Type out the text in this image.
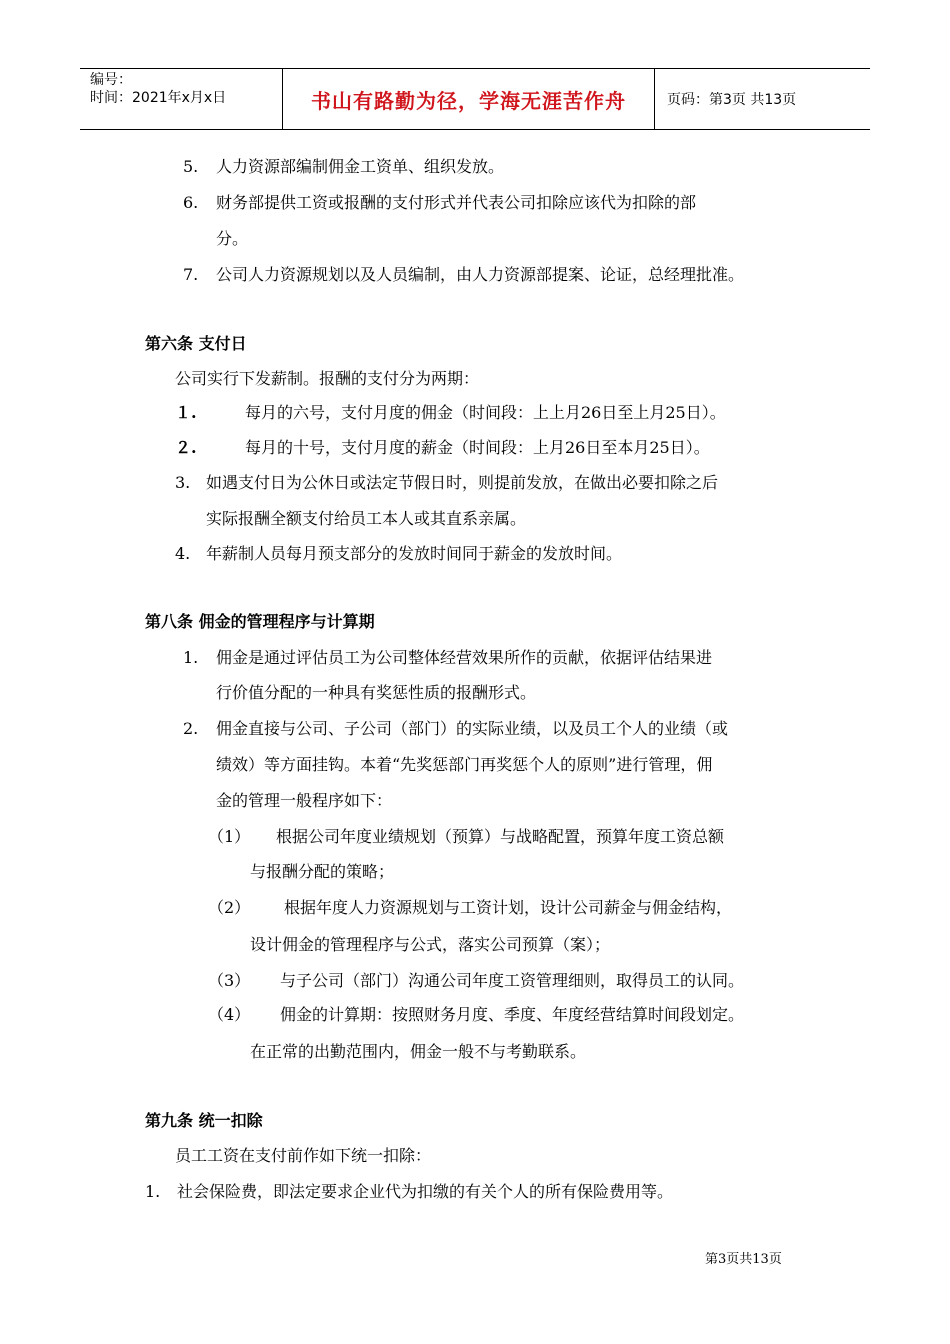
编号：
时间：2021年x月x日	书山有路勤为径，学海无涯苦作舟	页码：第3页 共13页
5. 人力资源部编制佣金工资单、组织发放。
6. 财务部提供工资或报酬的支付形式并代表公司扣除应该代为扣除的部
分。
7. 公司人力资源规划以及人员编制，由人力资源部提案、论证，总经理批准。
第六条 支付日
公司实行下发薪制。报酬的支付分为两期：
１.	每月的六号，支付月度的佣金（时间段：上上月26日至上月25日）。
２.	每月的十号，支付月度的薪金（时间段：上月26日至本月25日）。
3. 如遇支付日为公休日或法定节假日时，则提前发放，在做出必要扣除之后
实际报酬全额支付给员工本人或其直系亲属。
4. 年薪制人员每月预支部分的发放时间同于薪金的发放时间。
第八条 佣金的管理程序与计算期
1. 佣金是通过评估员工为公司整体经营效果所作的贡献，依据评估结果进
行价值分配的一种具有奖惩性质的报酬形式。
2. 佣金直接与公司、子公司（部门）的实际业绩，以及员工个人的业绩（或
绩效）等方面挂钩。本着“先奖惩部门再奖惩个人的原则”进行管理，佣
金的管理一般程序如下：
（1） 根据公司年度业绩规划（预算）与战略配置，预算年度工资总额
与报酬分配的策略；
（2） 根据年度人力资源规划与工资计划，设计公司薪金与佣金结构，
设计佣金的管理程序与公式，落实公司预算（案）；
（3） 与子公司（部门）沟通公司年度工资管理细则，取得员工的认同。
（4） 佣金的计算期：按照财务月度、季度、年度经营结算时间段划定。
在正常的出勤范围内，佣金一般不与考勤联系。
第九条 统一扣除
员工工资在支付前作如下统一扣除：
1. 社会保险费，即法定要求企业代为扣缴的有关个人的所有保险费用等。
第3页共13页
